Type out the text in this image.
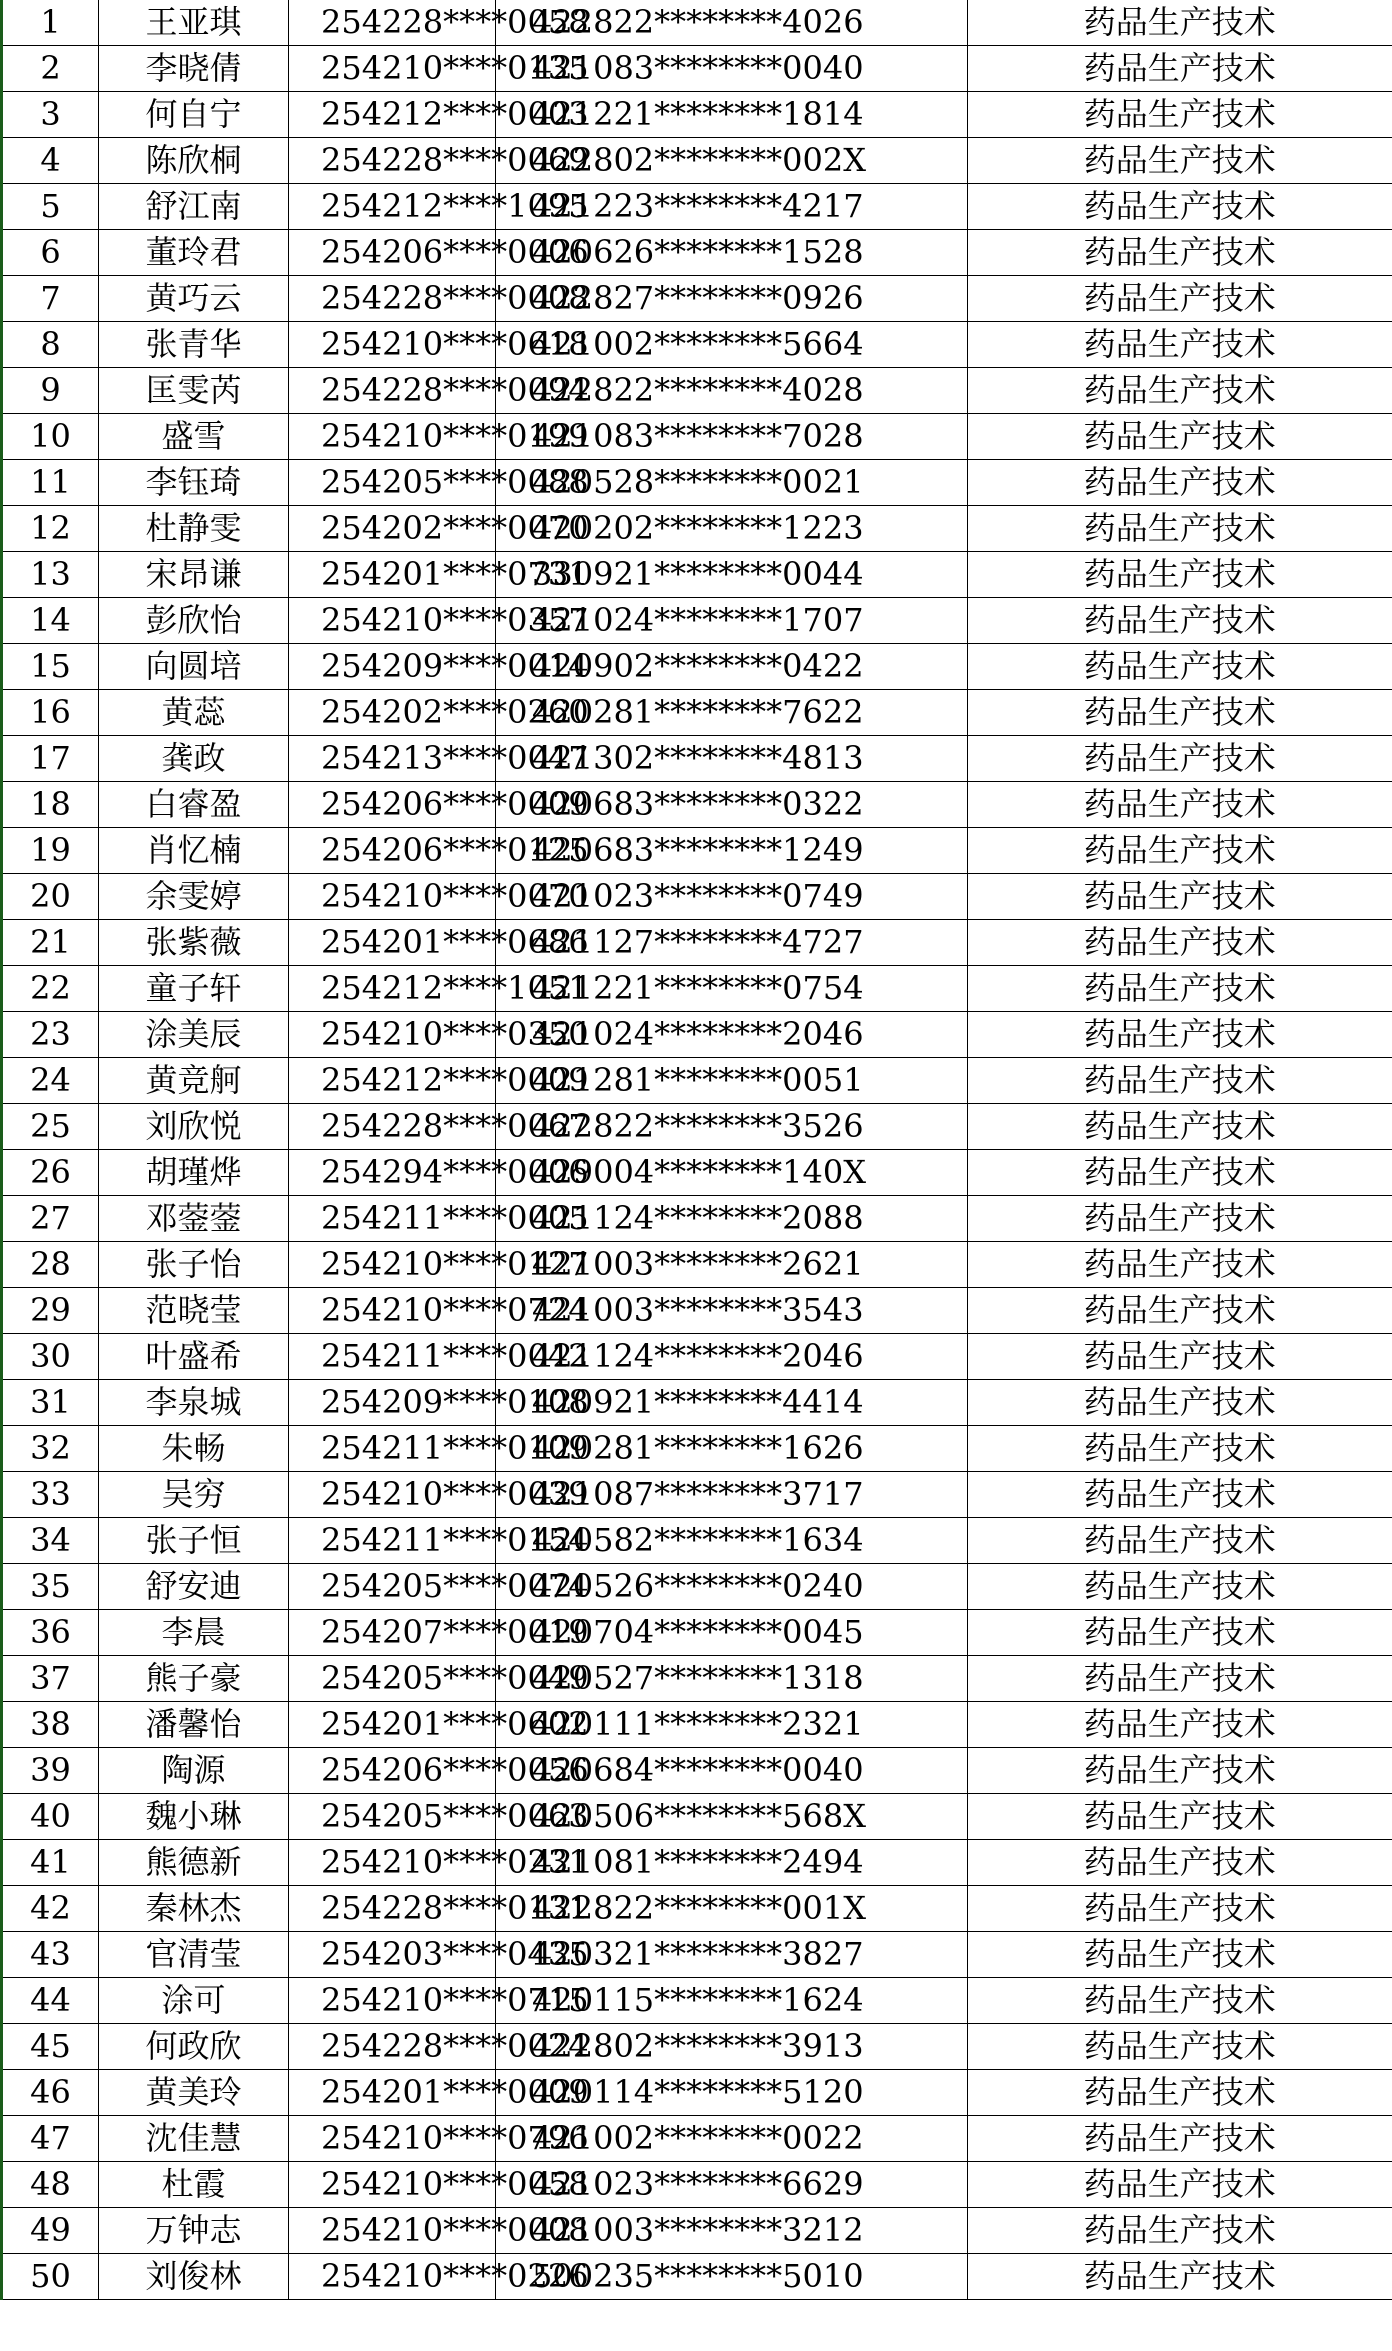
1	王亚琪	254228****0058	422822********4026	药品生产技术
2	李晓倩	254210****0135	421083********0040	药品生产技术
3	何自宁	254212****0003	421221********1814	药品生产技术
4	陈欣桐	254228****0069	422802********002X	药品生产技术
5	舒江南	254212****1095	421223********4217	药品生产技术
6	董玲君	254206****0006	420626********1528	药品生产技术
7	黄巧云	254228****0008	422827********0926	药品生产技术
8	张青华	254210****0618	421002********5664	药品生产技术
9	匡雯芮	254228****0094	422822********4028	药品生产技术
10	盛雪	254210****0199	421083********7028	药品生产技术
11	李钰琦	254205****0088	420528********0021	药品生产技术
12	杜静雯	254202****0070	420202********1223	药品生产技术
13	宋昂谦	254201****0731	330921********0044	药品生产技术
14	彭欣怡	254210****0357	421024********1707	药品生产技术
15	向圆培	254209****0014	420902********0422	药品生产技术
16	黄蕊	254202****0260	420281********7622	药品生产技术
17	龚政	254213****0047	421302********4813	药品生产技术
18	白睿盈	254206****0009	420683********0322	药品生产技术
19	肖忆楠	254206****0125	420683********1249	药品生产技术
20	余雯婷	254210****0070	421023********0749	药品生产技术
21	张紫薇	254201****0686	421127********4727	药品生产技术
22	童子轩	254212****1051	421221********0754	药品生产技术
23	涂美辰	254210****0350	421024********2046	药品生产技术
24	黄竞舸	254212****0009	421281********0051	药品生产技术
25	刘欣悦	254228****0067	422822********3526	药品生产技术
26	胡瑾烨	254294****0006	429004********140X	药品生产技术
27	邓蓥蓥	254211****0005	421124********2088	药品生产技术
28	张子怡	254210****0127	421003********2621	药品生产技术
29	范晓莹	254210****0724	421003********3543	药品生产技术
30	叶盛希	254211****0042	421124********2046	药品生产技术
31	李泉城	254209****0108	420921********4414	药品生产技术
32	朱畅	254211****0109	420281********1626	药品生产技术
33	吴穷	254210****0039	421087********3717	药品生产技术
34	张子恒	254211****0154	420582********1634	药品生产技术
35	舒安迪	254205****0074	420526********0240	药品生产技术
36	李晨	254207****0019	420704********0045	药品生产技术
37	熊子豪	254205****0049	420527********1318	药品生产技术
38	潘馨怡	254201****0602	420111********2321	药品生产技术
39	陶源	254206****0056	420684********0040	药品生产技术
40	魏小琳	254205****0063	420506********568X	药品生产技术
41	熊德新	254210****0231	421081********2494	药品生产技术
42	秦林杰	254228****0131	422822********001X	药品生产技术
43	官清莹	254203****0435	420321********3827	药品生产技术
44	涂可	254210****0715	420115********1624	药品生产技术
45	何政欣	254228****0024	422802********3913	药品生产技术
46	黄美玲	254201****0009	420114********5120	药品生产技术
47	沈佳慧	254210****0796	421002********0022	药品生产技术
48	杜霞	254210****0058	421023********6629	药品生产技术
49	万钟志	254210****0008	421003********3212	药品生产技术
50	刘俊林	254210****0226	500235********5010	药品生产技术
